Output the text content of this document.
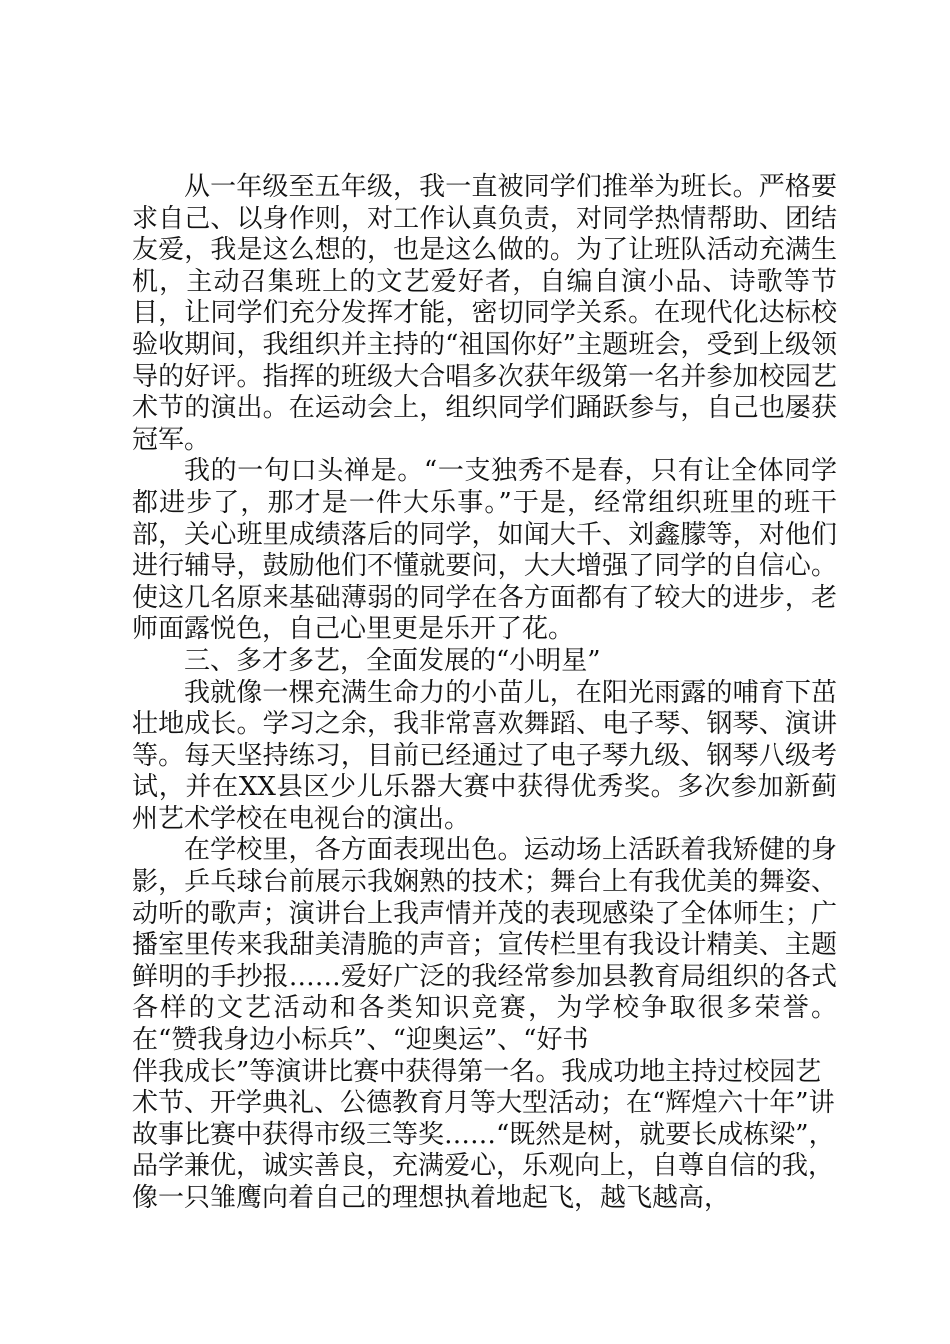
从一年级至五年级，我一直被同学们推举为班长。严格要求自己、以身作则，对工作认真负责，对同学热情帮助、团结友爱，我是这么想的，也是这么做的。为了让班队活动充满生机，主动召集班上的文艺爱好者，自编自演小品、诗歌等节目，让同学们充分发挥才能，密切同学关系。在现代化达标校验收期间，我组织并主持的“祖国你好”主题班会，受到上级领导的好评。指挥的班级大合唱多次获年级第一名并参加校园艺术节的演出。在运动会上，组织同学们踊跃参与，自己也屡获冠军。

我的一句口头禅是。“一支独秀不是春，只有让全体同学都进步了，那才是一件大乐事。”于是，经常组织班里的班干部，关心班里成绩落后的同学，如闻大千、刘鑫朦等，对他们进行辅导，鼓励他们不懂就要问，大大增强了同学的自信心。使这几名原来基础薄弱的同学在各方面都有了较大的进步，老师面露悦色，自己心里更是乐开了花。

三、多才多艺，全面发展的“小明星”

我就像一棵充满生命力的小苗儿，在阳光雨露的哺育下茁壮地成长。学习之余，我非常喜欢舞蹈、电子琴、钢琴、演讲等。每天坚持练习，目前已经通过了电子琴九级、钢琴八级考试，并在XX县区少儿乐器大赛中获得优秀奖。多次参加新蓟州艺术学校在电视台的演出。

在学校里，各方面表现出色。运动场上活跃着我矫健的身影，乒乓球台前展示我娴熟的技术；舞台上有我优美的舞姿、动听的歌声；演讲台上我声情并茂的表现感染了全体师生；广播室里传来我甜美清脆的声音；宣传栏里有我设计精美、主题鲜明的手抄报……爱好广泛的我经常参加县教育局组织的各式各样的文艺活动和各类知识竞赛，为学校争取很多荣誉。在“赞我身边小标兵”、“迎奥运”、“好书

伴我成长”等演讲比赛中获得第一名。我成功地主持过校园艺术节、开学典礼、公德教育月等大型活动；在“辉煌六十年”讲故事比赛中获得市级三等奖……“既然是树，就要长成栋梁”，品学兼优，诚实善良，充满爱心，乐观向上，自尊自信的我，像一只雏鹰向着自己的理想执着地起飞，越飞越高，
